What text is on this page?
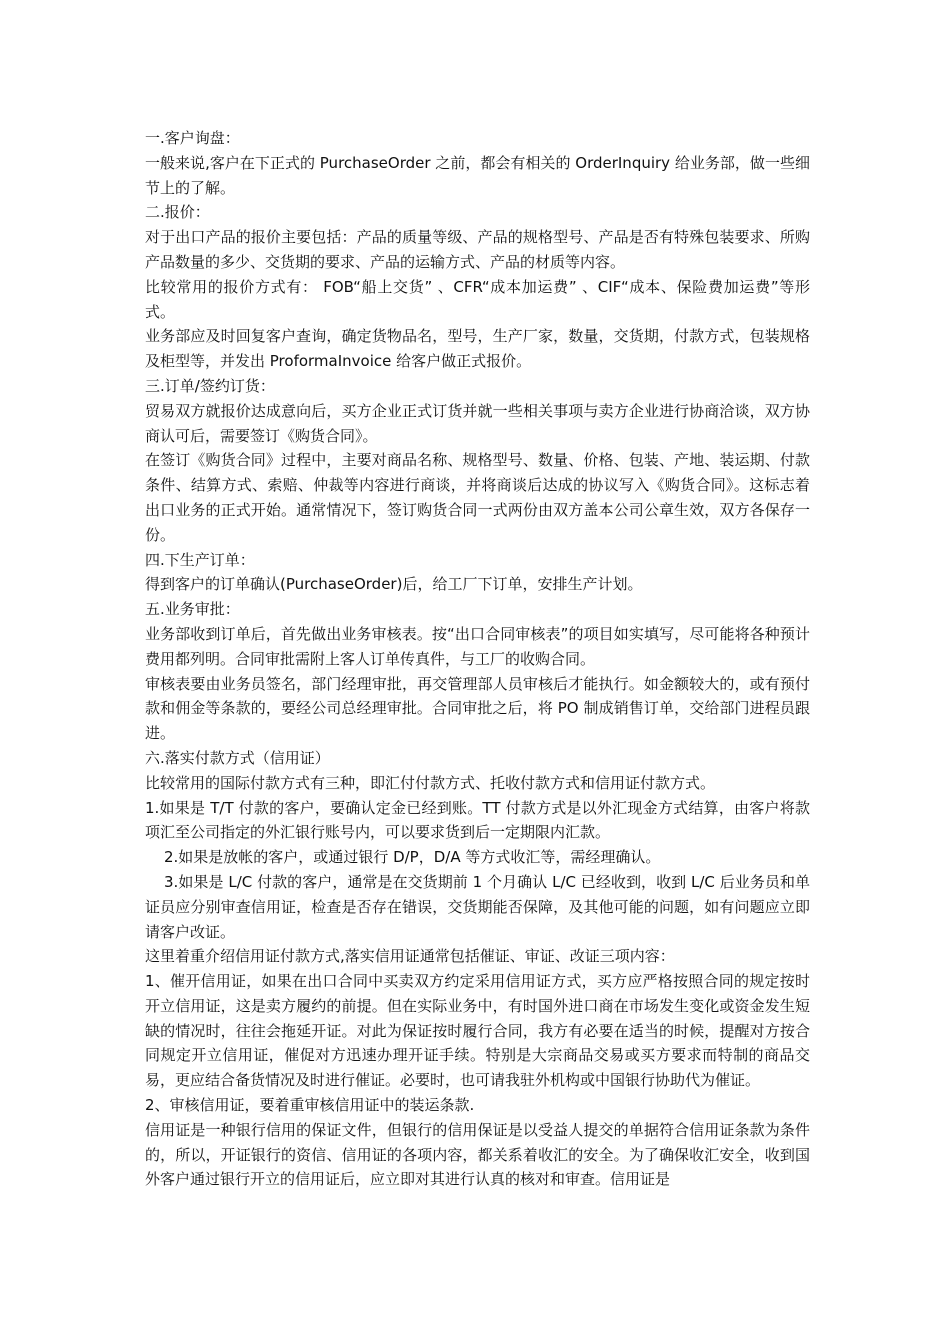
一.客户询盘：

一般来说,客户在下正式的 PurchaseOrder 之前，都会有相关的 OrderInquiry 给业务部，做一些细节上的了解。

二.报价：

对于出口产品的报价主要包括：产品的质量等级、产品的规格型号、产品是否有特殊包装要求、所购产品数量的多少、交货期的要求、产品的运输方式、产品的材质等内容。

比较常用的报价方式有： FOB“船上交货” 、CFR“成本加运费” 、CIF“成本、保险费加运费”等形式。

业务部应及时回复客户查询，确定货物品名，型号，生产厂家，数量，交货期，付款方式，包装规格及柜型等，并发出 ProformaInvoice 给客户做正式报价。

三.订单/签约订货：

贸易双方就报价达成意向后，买方企业正式订货并就一些相关事项与卖方企业进行协商洽谈，双方协商认可后，需要签订《购货合同》。

在签订《购货合同》过程中，主要对商品名称、规格型号、数量、价格、包装、产地、装运期、付款条件、结算方式、索赔、仲裁等内容进行商谈，并将商谈后达成的协议写入《购货合同》。这标志着出口业务的正式开始。通常情况下，签订购货合同一式两份由双方盖本公司公章生效，双方各保存一份。

四.下生产订单：

得到客户的订单确认(PurchaseOrder)后，给工厂下订单，安排生产计划。

五.业务审批：

业务部收到订单后，首先做出业务审核表。按“出口合同审核表”的项目如实填写，尽可能将各种预计费用都列明。合同审批需附上客人订单传真件，与工厂的收购合同。

审核表要由业务员签名，部门经理审批，再交管理部人员审核后才能执行。如金额较大的，或有预付款和佣金等条款的，要经公司总经理审批。合同审批之后，将 PO 制成销售订单，交给部门进程员跟进。

六.落实付款方式（信用证）

比较常用的国际付款方式有三种，即汇付付款方式、托收付款方式和信用证付款方式。

1.如果是 T/T 付款的客户，要确认定金已经到账。TT 付款方式是以外汇现金方式结算，由客户将款项汇至公司指定的外汇银行账号内，可以要求货到后一定期限内汇款。

2.如果是放帐的客户，或通过银行 D/P，D/A 等方式收汇等，需经理确认。

3.如果是 L/C 付款的客户，通常是在交货期前 1 个月确认 L/C 已经收到，收到 L/C 后业务员和单证员应分别审查信用证，检查是否存在错误，交货期能否保障，及其他可能的问题，如有问题应立即请客户改证。

这里着重介绍信用证付款方式,落实信用证通常包括催证、审证、改证三项内容：

1、催开信用证，如果在出口合同中买卖双方约定采用信用证方式，买方应严格按照合同的规定按时开立信用证，这是卖方履约的前提。但在实际业务中，有时国外进口商在市场发生变化或资金发生短缺的情况时，往往会拖延开证。对此为保证按时履行合同，我方有必要在适当的时候，提醒对方按合同规定开立信用证，催促对方迅速办理开证手续。特别是大宗商品交易或买方要求而特制的商品交易，更应结合备货情况及时进行催证。必要时，也可请我驻外机构或中国银行协助代为催证。

2、审核信用证，要着重审核信用证中的装运条款.

信用证是一种银行信用的保证文件，但银行的信用保证是以受益人提交的单据符合信用证条款为条件的，所以，开证银行的资信、信用证的各项内容，都关系着收汇的安全。为了确保收汇安全，收到国外客户通过银行开立的信用证后，应立即对其进行认真的核对和审查。信用证是
